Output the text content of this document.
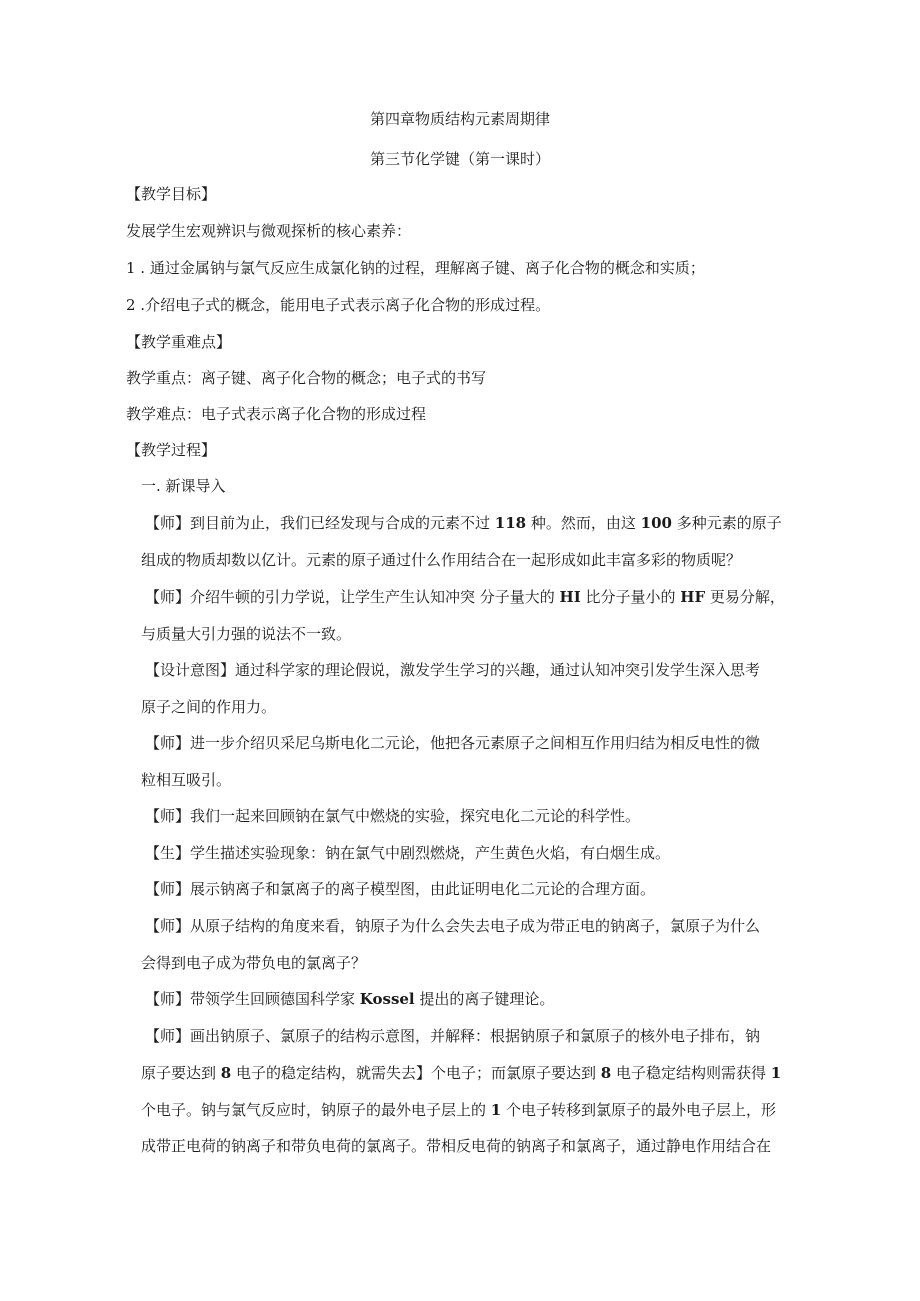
第四章物质结构元素周期律
第三节化学键（第一课时）
【教学目标】
发展学生宏观辨识与微观探析的核心素养：
1 . 通过金属钠与氯气反应生成氯化钠的过程，理解离子键、离子化合物的概念和实质；
2 .介绍电子式的概念，能用电子式表示离子化合物的形成过程。
【教学重难点】
教学重点：离子键、离子化合物的概念；电子式的书写
教学难点：电子式表示离子化合物的形成过程
【教学过程】
一. 新课导入
【师】到目前为止，我们已经发现与合成的元素不过 118 种。然而，由这 100 多种元素的原子
组成的物质却数以亿计。元素的原子通过什么作用结合在一起形成如此丰富多彩的物质呢？
【师】介绍牛顿的引力学说，让学生产生认知冲突 分子量大的 HI 比分子量小的 HF 更易分解，
与质量大引力强的说法不一致。
【设计意图】通过科学家的理论假说，激发学生学习的兴趣，通过认知冲突引发学生深入思考
原子之间的作用力。
【师】进一步介绍贝采尼乌斯电化二元论，他把各元素原子之间相互作用归结为相反电性的微
粒相互吸引。
【师】我们一起来回顾钠在氯气中燃烧的实验，探究电化二元论的科学性。
【生】学生描述实验现象：钠在氯气中剧烈燃烧，产生黄色火焰，有白烟生成。
【师】展示钠离子和氯离子的离子模型图，由此证明电化二元论的合理方面。
【师】从原子结构的角度来看，钠原子为什么会失去电子成为带正电的钠离子，氯原子为什么
会得到电子成为带负电的氯离子？
【师】带领学生回顾德国科学家 Kossel 提出的离子键理论。
【师】画出钠原子、氯原子的结构示意图，并解释：根据钠原子和氯原子的核外电子排布，钠
原子要达到 8 电子的稳定结构，就需失去】个电子；而氯原子要达到 8 电子稳定结构则需获得 1
个电子。钠与氯气反应时，钠原子的最外电子层上的 1 个电子转移到氯原子的最外电子层上，形
成带正电荷的钠离子和带负电荷的氯离子。带相反电荷的钠离子和氯离子，通过静电作用结合在
